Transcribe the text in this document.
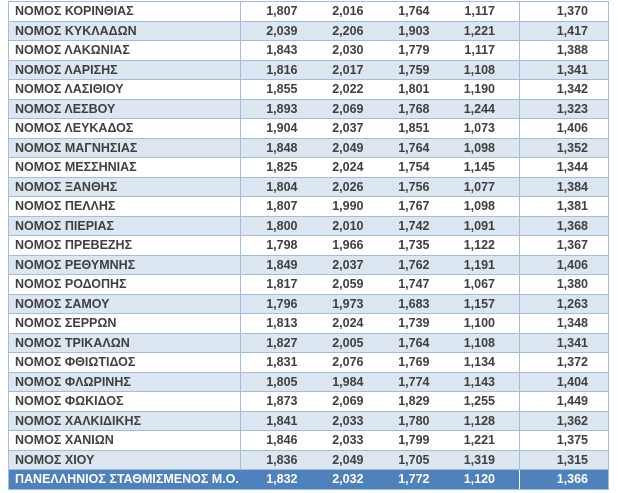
ΝΟΜΟΣ ΚΟΡΙΝΘΙΑΣ	1,807	2,016	1,764	1,117	1,370
ΝΟΜΟΣ ΚΥΚΛΑΔΩΝ	2,039	2,206	1,903	1,221	1,417
ΝΟΜΟΣ ΛΑΚΩΝΙΑΣ	1,843	2,030	1,779	1,117	1,388
ΝΟΜΟΣ ΛΑΡΙΣΗΣ	1,816	2,017	1,759	1,108	1,341
ΝΟΜΟΣ ΛΑΣΙΘΙΟΥ	1,855	2,022	1,801	1,190	1,342
ΝΟΜΟΣ ΛΕΣΒΟΥ	1,893	2,069	1,768	1,244	1,323
ΝΟΜΟΣ ΛΕΥΚΑΔΟΣ	1,904	2,037	1,851	1,073	1,406
ΝΟΜΟΣ ΜΑΓΝΗΣΙΑΣ	1,848	2,049	1,764	1,098	1,352
ΝΟΜΟΣ ΜΕΣΣΗΝΙΑΣ	1,825	2,024	1,754	1,145	1,344
ΝΟΜΟΣ ΞΑΝΘΗΣ	1,804	2,026	1,756	1,077	1,384
ΝΟΜΟΣ ΠΕΛΛΗΣ	1,807	1,990	1,767	1,098	1,381
ΝΟΜΟΣ ΠΙΕΡΙΑΣ	1,800	2,010	1,742	1,091	1,368
ΝΟΜΟΣ ΠΡΕΒΕΖΗΣ	1,798	1,966	1,735	1,122	1,367
ΝΟΜΟΣ ΡΕΘΥΜΝΗΣ	1,849	2,037	1,762	1,191	1,406
ΝΟΜΟΣ ΡΟΔΟΠΗΣ	1,817	2,059	1,747	1,067	1,380
ΝΟΜΟΣ ΣΑΜΟΥ	1,796	1,973	1,683	1,157	1,263
ΝΟΜΟΣ ΣΕΡΡΩΝ	1,813	2,024	1,739	1,100	1,348
ΝΟΜΟΣ ΤΡΙΚΑΛΩΝ	1,827	2,005	1,764	1,108	1,341
ΝΟΜΟΣ ΦΘΙΩΤΙΔΟΣ	1,831	2,076	1,769	1,134	1,372
ΝΟΜΟΣ ΦΛΩΡΙΝΗΣ	1,805	1,984	1,774	1,143	1,404
ΝΟΜΟΣ ΦΩΚΙΔΟΣ	1,873	2,069	1,829	1,255	1,449
ΝΟΜΟΣ ΧΑΛΚΙΔΙΚΗΣ	1,841	2,033	1,780	1,128	1,362
ΝΟΜΟΣ ΧΑΝΙΩΝ	1,846	2,033	1,799	1,221	1,375
ΝΟΜΟΣ ΧΙΟΥ	1,836	2,049	1,705	1,319	1,315
ΠΑΝΕΛΛΗΝΙΟΣ ΣΤΑΘΜΙΣΜΕΝΟΣ Μ.Ο.	1,832	2,032	1,772	1,120	1,366
